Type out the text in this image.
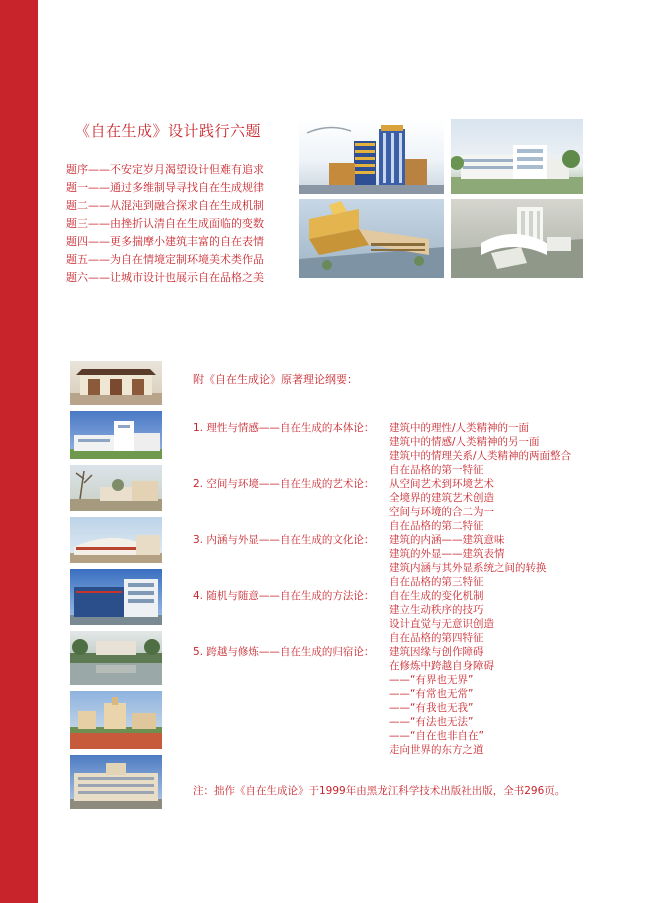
《自在生成》设计践行六题
题序——不安定岁月渴望设计但难有追求
题一——通过多维制导寻找自在生成规律
题二——从混沌到融合探求自在生成机制
题三——由挫折认清自在生成面临的变数
题四——更多揣摩小建筑丰富的自在表情
题五——为自在情境定制环境美术类作品
题六——让城市设计也展示自在品格之美
附《自在生成论》原著理论纲要：
1. 理性与情感——自在生成的本体论： 建筑中的理性/人类精神的一面
建筑中的情感/人类精神的另一面
建筑中的情理关系/人类精神的两面整合
自在品格的第一特征
2. 空间与环境——自在生成的艺术论： 从空间艺术到环境艺术
全境界的建筑艺术创造
空间与环境的合二为一
自在品格的第二特征
3. 内涵与外显——自在生成的文化论： 建筑的内涵——建筑意味
建筑的外显——建筑表情
建筑内涵与其外显系统之间的转换
自在品格的第三特征
4. 随机与随意——自在生成的方法论： 自在生成的变化机制
建立生动秩序的技巧
设计直觉与无意识创造
自在品格的第四特征
5. 跨越与修炼——自在生成的归宿论： 建筑因缘与创作障碍
在修炼中跨越自身障碍
——“有界也无界”
——“有常也无常”
——“有我也无我”
——“有法也无法”
——“自在也非自在”
走向世界的东方之道
注：拙作《自在生成论》于1999年由黑龙江科学技术出版社出版，全书296页。
